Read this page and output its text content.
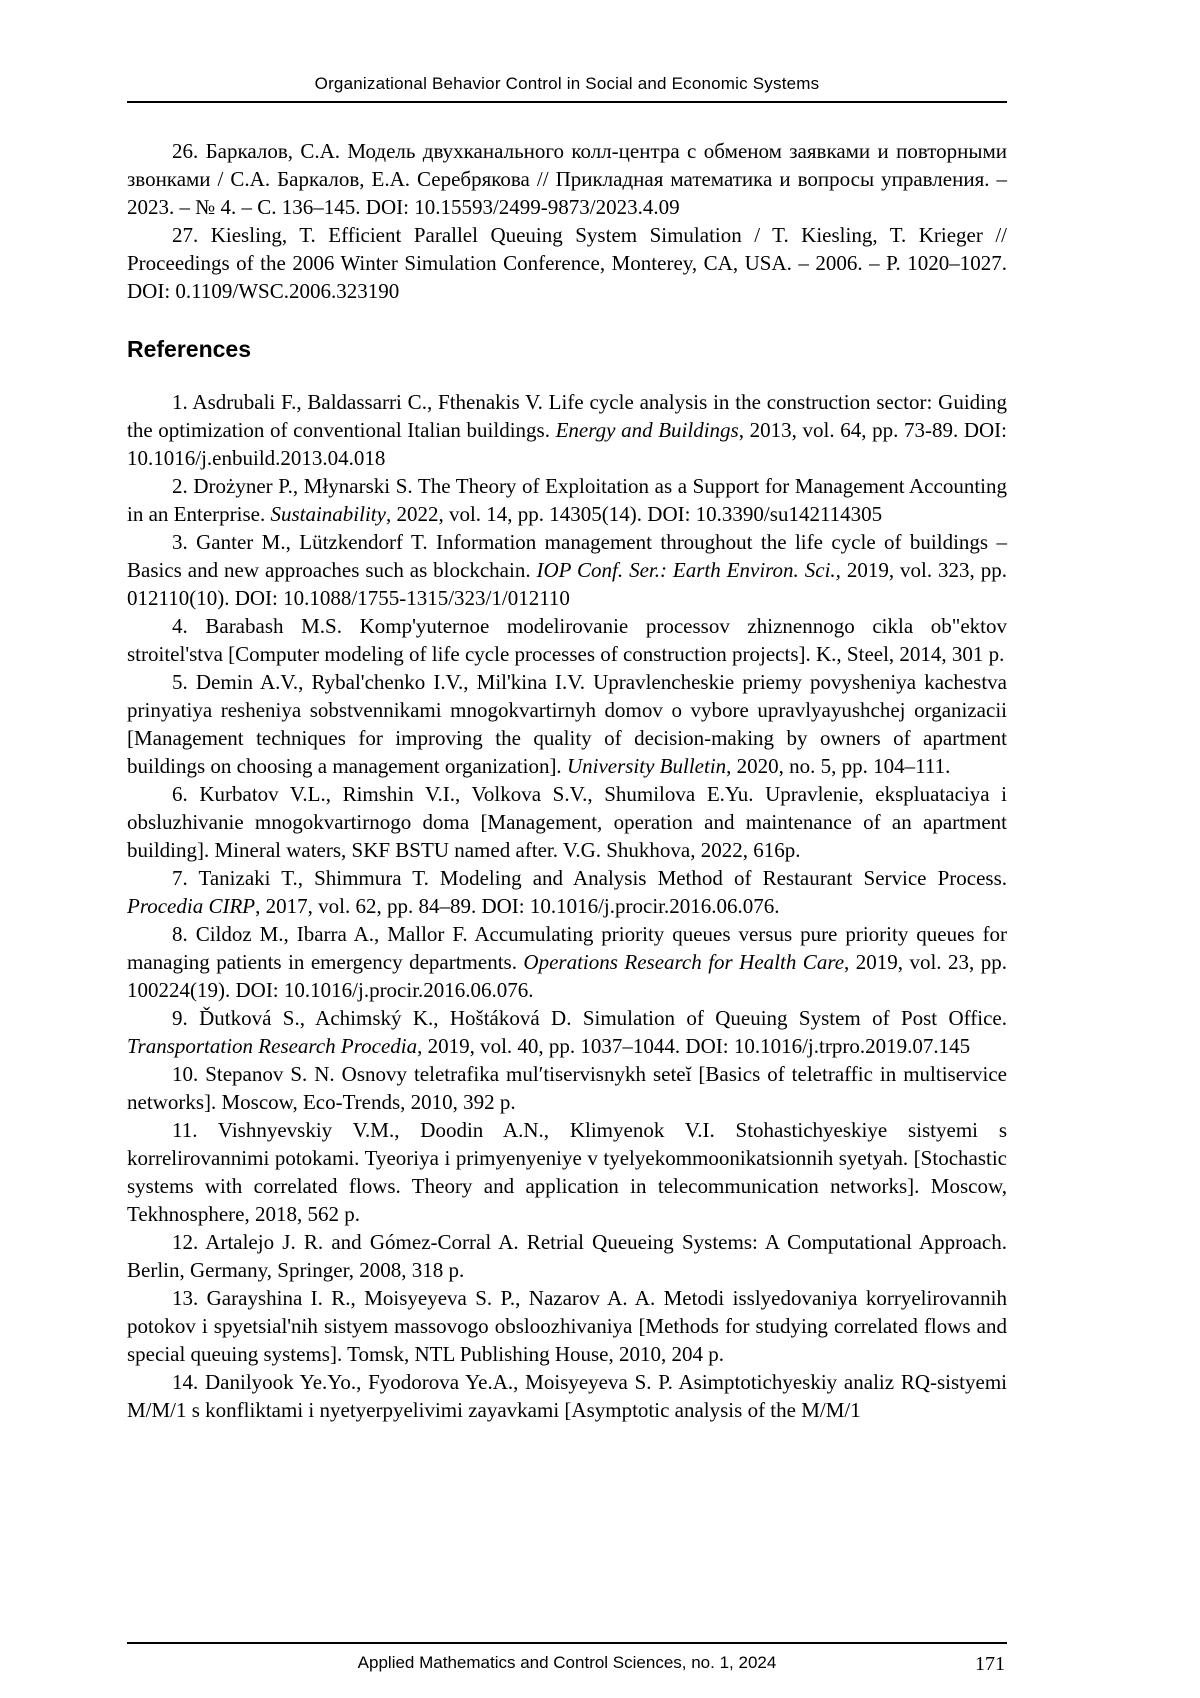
Organizational Behavior Control in Social and Economic Systems

26. Баркалов, С.А. Модель двухканального колл-центра с обменом заявками и повторными звонками / С.А. Баркалов, Е.А. Серебрякова // Прикладная математика и вопросы управления. – 2023. – № 4. – С. 136–145. DOI: 10.15593/2499-9873/2023.4.09

27. Kiesling, T. Efficient Parallel Queuing System Simulation / T. Kiesling, T. Krieger // Proceedings of the 2006 Winter Simulation Conference, Monterey, CA, USA. – 2006. – P. 1020–1027. DOI: 0.1109/WSC.2006.323190

References

1. Asdrubali F., Baldassarri C., Fthenakis V. Life cycle analysis in the construction sector: Guiding the optimization of conventional Italian buildings. Energy and Buildings, 2013, vol. 64, pp. 73-89. DOI: 10.1016/j.enbuild.2013.04.018

2. Drożyner P., Młynarski S. The Theory of Exploitation as a Support for Management Accounting in an Enterprise. Sustainability, 2022, vol. 14, pp. 14305(14). DOI: 10.3390/su142114305

3. Ganter M., Lützkendorf T. Information management throughout the life cycle of buildings – Basics and new approaches such as blockchain. IOP Conf. Ser.: Earth Environ. Sci., 2019, vol. 323, pp. 012110(10). DOI: 10.1088/1755-1315/323/1/012110

4. Barabash M.S. Komp'yuternoe modelirovanie processov zhiznennogo cikla ob"ektov stroitel'stva [Computer modeling of life cycle processes of construction projects]. K., Steel, 2014, 301 p.

5. Demin A.V., Rybal'chenko I.V., Mil'kina I.V. Upravlencheskie priemy povysheniya kachestva prinyatiya resheniya sobstvennikami mnogokvartirnyh domov o vybore upravlyayushchej organizacii [Management techniques for improving the quality of decision-making by owners of apartment buildings on choosing a management organization]. University Bulletin, 2020, no. 5, pp. 104–111.

6. Kurbatov V.L., Rimshin V.I., Volkova S.V., Shumilova E.Yu. Upravlenie, ekspluataciya i obsluzhivanie mnogokvartirnogo doma [Management, operation and maintenance of an apartment building]. Mineral waters, SKF BSTU named after. V.G. Shukhova, 2022, 616p.

7. Tanizaki T., Shimmura T. Modeling and Analysis Method of Restaurant Service Process. Procedia CIRP, 2017, vol. 62, pp. 84–89. DOI: 10.1016/j.procir.2016.06.076.

8. Cildoz M., Ibarra A., Mallor F. Accumulating priority queues versus pure priority queues for managing patients in emergency departments. Operations Research for Health Care, 2019, vol. 23, pp. 100224(19). DOI: 10.1016/j.procir.2016.06.076.

9. Ďutková S., Achimský K., Hoštáková D. Simulation of Queuing System of Post Office. Transportation Research Procedia, 2019, vol. 40, pp. 1037–1044. DOI: 10.1016/j.trpro.2019.07.145

10. Stepanov S. N. Osnovy teletrafika mul′tiservisnykh seteĭ [Basics of teletraffic in multiservice networks]. Moscow, Eco-Trends, 2010, 392 p.

11. Vishnyevskiy V.M., Doodin A.N., Klimyenok V.I. Stohastichyeskiye sistyemi s korrelirovannimi potokami. Tyeoriya i primyenyeniye v tyelyekommoonikatsionnih syetyah. [Stochastic systems with correlated flows. Theory and application in telecommunication networks]. Moscow, Tekhnosphere, 2018, 562 p.

12. Artalejo J. R. and Gómez-Corral A. Retrial Queueing Systems: A Computational Approach. Berlin, Germany, Springer, 2008, 318 p.

13. Garayshina I. R., Moisyeyeva S. P., Nazarov A. A. Metodi isslyedovaniya korryelirovannih potokov i spyetsial'nih sistyem massovogo obsloozhivaniya [Methods for studying correlated flows and special queuing systems]. Tomsk, NTL Publishing House, 2010, 204 p.

14. Danilyook Ye.Yo., Fyodorova Ye.A., Moisyeyeva S. P. Asimptotichyeskiy analiz RQ-sistyemi M/M/1 s konfliktami i nyetyerpyelivimi zayavkami [Asymptotic analysis of the M/M/1

Applied Mathematics and Control Sciences, no. 1, 2024	171
